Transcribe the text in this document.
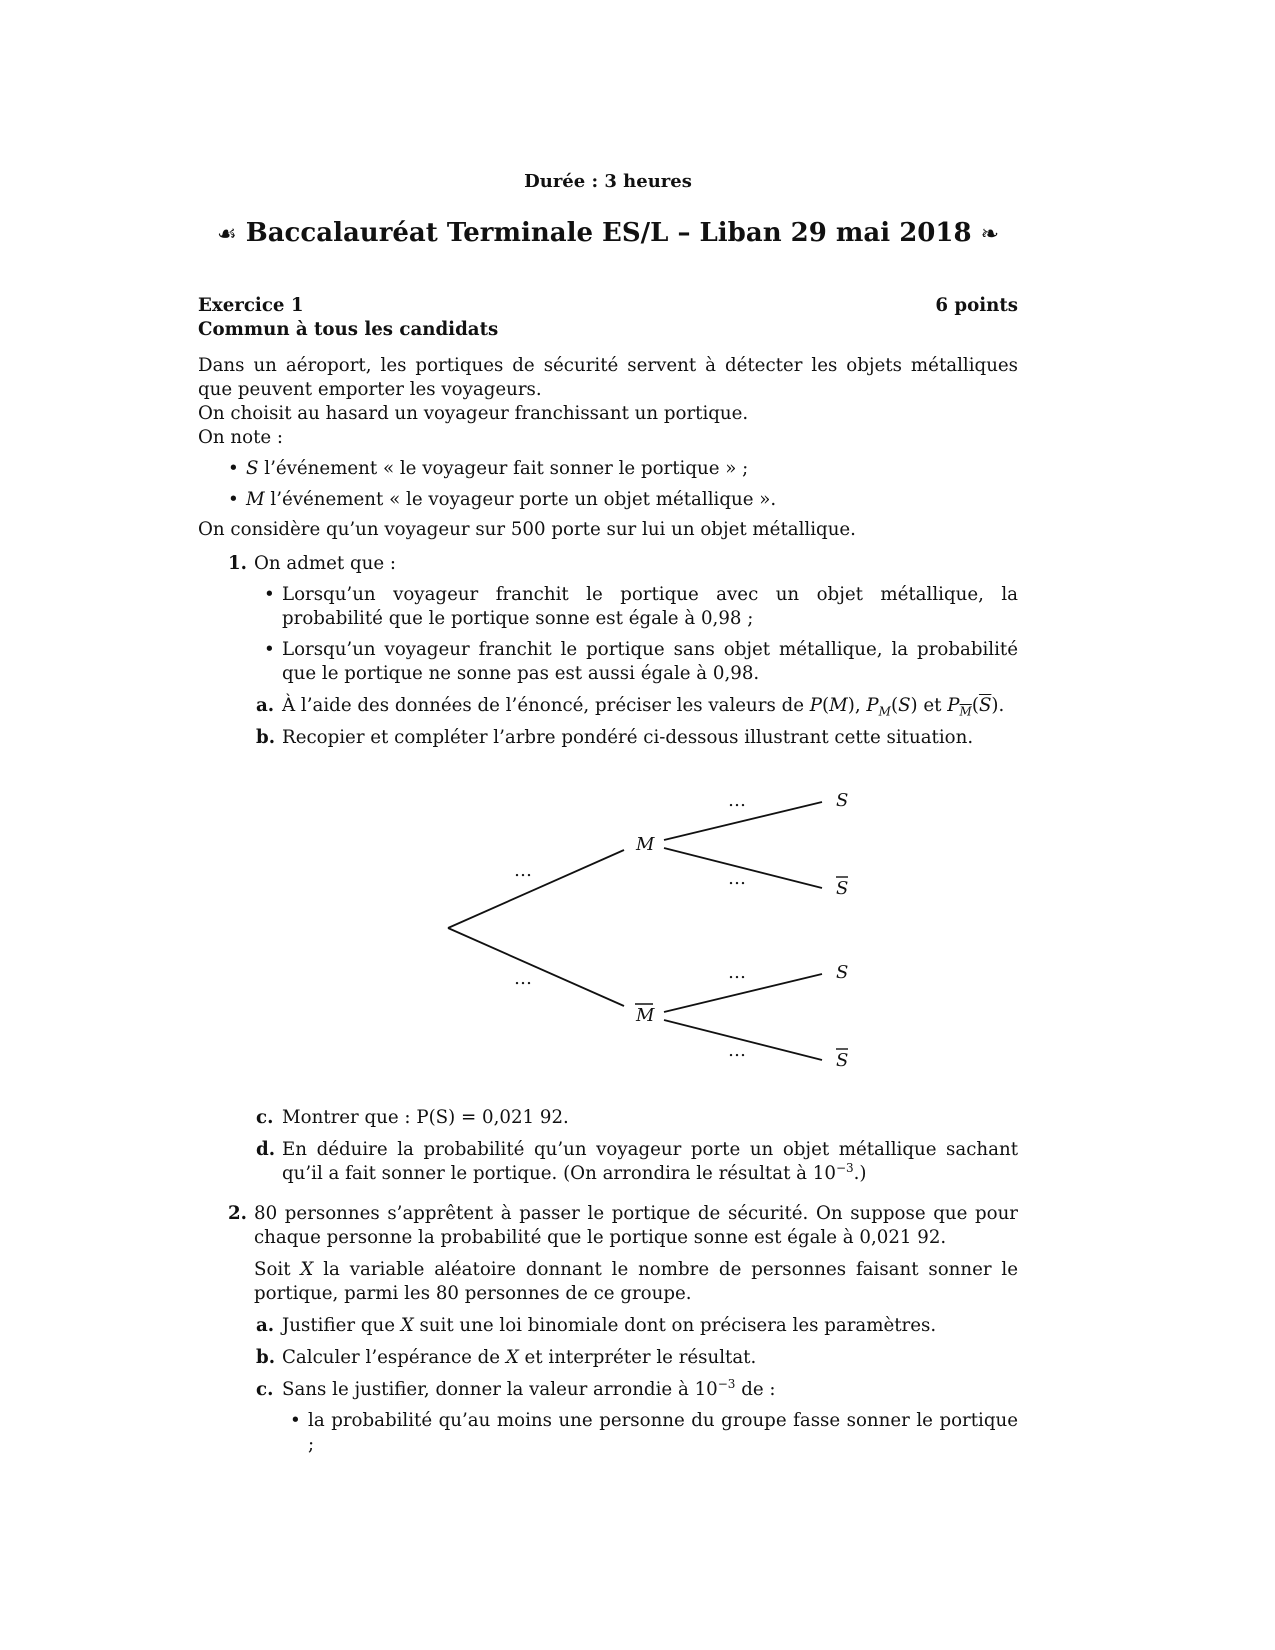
Durée : 3 heures
☙ Baccalauréat Terminale ES/L – Liban 29 mai 2018 ❧
Exercice 1	6 points
Commun à tous les candidats

Dans un aéroport, les portiques de sécurité servent à détecter les objets métalliques que peuvent emporter les voyageurs.

On choisit au hasard un voyageur franchissant un portique.

On note :

• S l’événement « le voyageur fait sonner le portique » ;
• M l’événement « le voyageur porte un objet métallique ».

On considère qu’un voyageur sur 500 porte sur lui un objet métallique.

1. On admet que :
• Lorsqu’un voyageur franchit le portique avec un objet métallique, la probabilité que le portique sonne est égale à 0,98 ;
• Lorsqu’un voyageur franchit le portique sans objet métallique, la probabilité que le portique ne sonne pas est aussi égale à 0,98.
a. À l’aide des données de l’énoncé, préciser les valeurs de P(M), $P_M(S)$ et $P_{\overline{M}}(\overline{S})$.
b. Recopier et compléter l’arbre pondéré ci-dessous illustrant cette situation.
M
M
S
S
S
S
…
…
…
…
…
…
c. Montrer que : P(S) = 0,021 92.
d. En déduire la probabilité qu’un voyageur porte un objet métallique sachant qu’il a fait sonner le portique. (On arrondira le résultat à $10^{-3}$.)
2. 80 personnes s’apprêtent à passer le portique de sécurité. On suppose que pour chaque personne la probabilité que le portique sonne est égale à 0,021 92.

Soit X la variable aléatoire donnant le nombre de personnes faisant sonner le portique, parmi les 80 personnes de ce groupe.

a. Justifier que X suit une loi binomiale dont on précisera les paramètres.
b. Calculer l’espérance de X et interpréter le résultat.
c. Sans le justifier, donner la valeur arrondie à $10^{-3}$ de :
• la probabilité qu’au moins une personne du groupe fasse sonner le portique ;
